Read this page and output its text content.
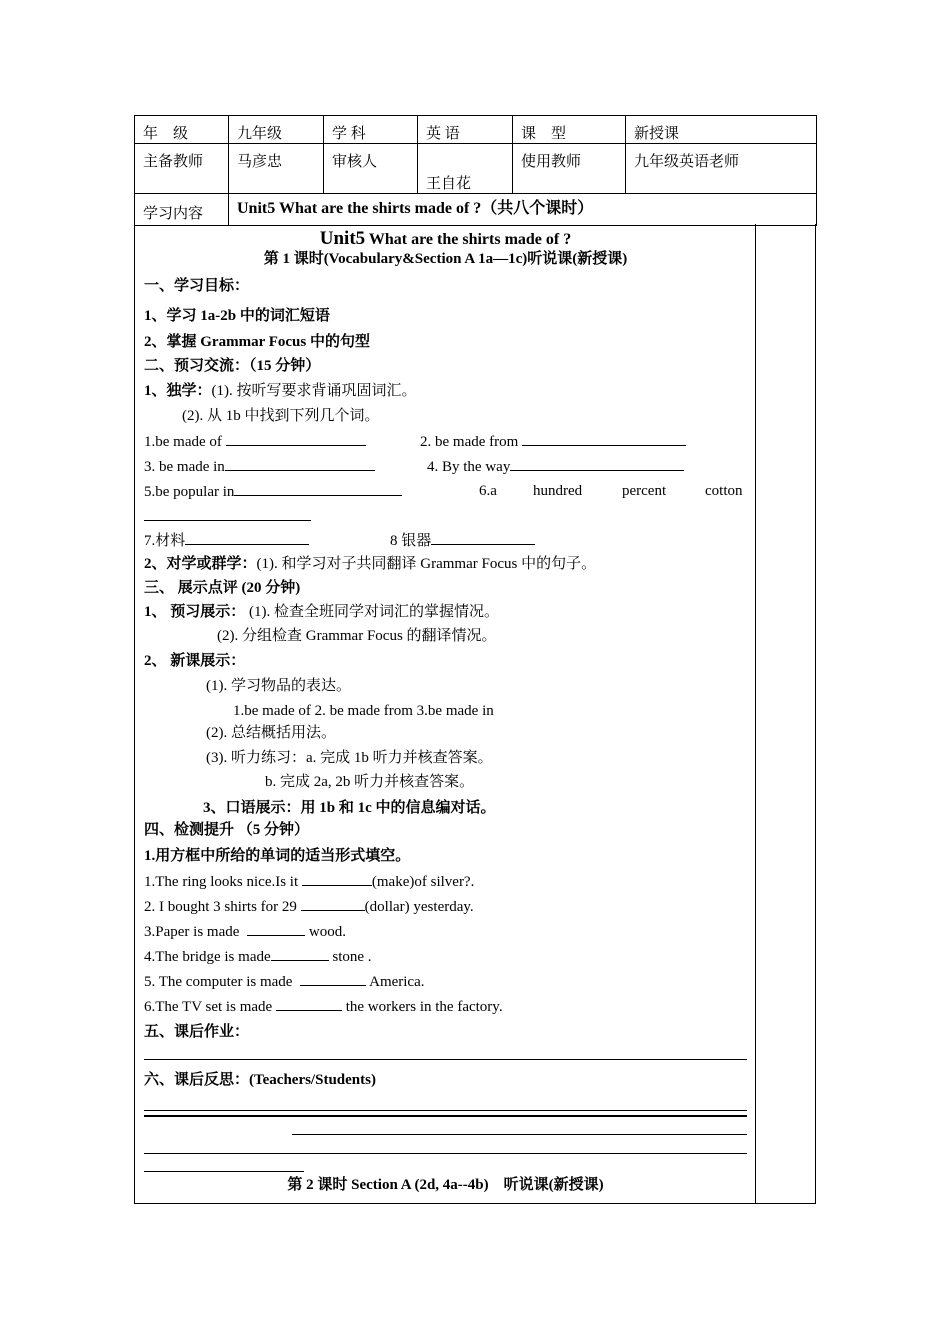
年　级	九年级	学 科	英 语	课　型	新授课
主备教师	马彦忠	审核人	王自花	使用教师	九年级英语老师
学习内容	Unit5 What are the shirts made of ?（共八个课时）				
Unit5 What are the shirts made of ?
第 1 课时(Vocabulary&Section A 1a—1c)听说课(新授课)
一、学习目标：
1、学习 1a-2b 中的词汇短语
2、掌握 Grammar Focus 中的句型
二、预习交流：（15 分钟）
1、独学：(1). 按听写要求背诵巩固词汇。
(2). 从 1b 中找到下列几个词。
1.be made of	2. be made from
3. be made in	4. By the way
5.be popular in	6.a hundred	percent	cotton
7.材料	8 银器
2、对学或群学：(1). 和学习对子共同翻译 Grammar Focus 中的句子。
三、 展示点评 (20 分钟)
1、 预习展示： (1). 检查全班同学对词汇的掌握情况。
(2). 分组检查 Grammar Focus 的翻译情况。
2、 新课展示：
(1). 学习物品的表达。
1.be made of 2. be made from 3.be made in
(2). 总结概括用法。
(3). 听力练习：a. 完成 1b 听力并核查答案。
b. 完成 2a, 2b 听力并核查答案。
3、口语展示：用 1b 和 1c 中的信息编对话。
四、检测提升 （5 分钟）
1.用方框中所给的单词的适当形式填空。
1.The ring looks nice.Is it	(make)of silver?.
2. I bought 3 shirts for 29	(dollar) yesterday.
3.Paper is made	wood.
4.The bridge is made	stone .
5. The computer is made	America.
6.The TV set is made	the workers in the factory.
五、课后作业：
六、课后反思：(Teachers/Students)
第 2 课时 Section A (2d, 4a--4b)　听说课(新授课)
